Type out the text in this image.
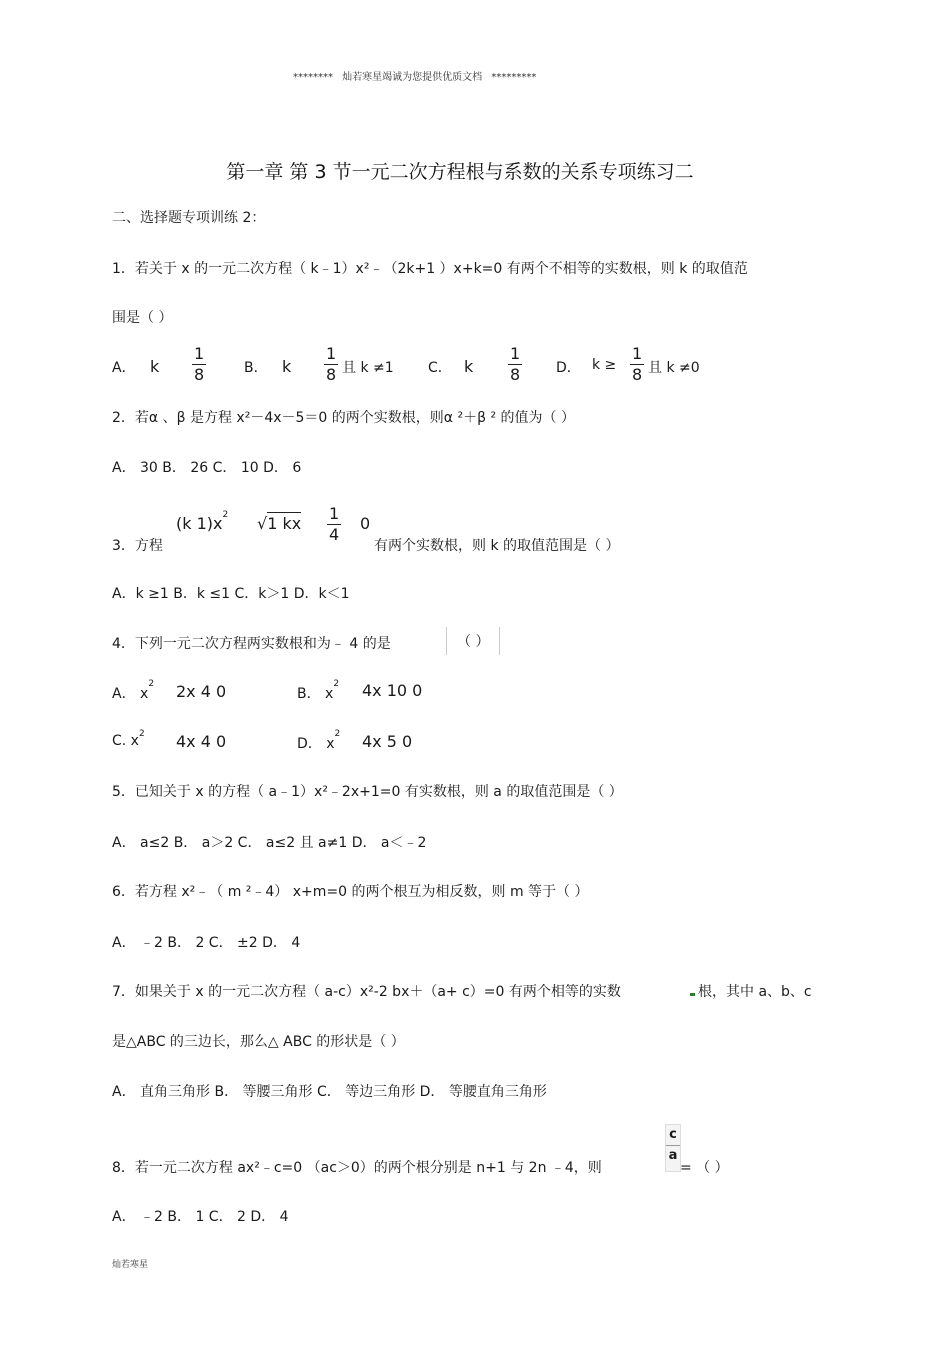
******** 灿若寒星竭诚为您提供优质文档 *********
第一章 第 3 节一元二次方程根与系数的关系专项练习二
二、选择题专项训练 2：
1．若关于 x 的一元二次方程（ k﹣1）x²﹣（2k+1 ）x+k=0 有两个不相等的实数根，则 k 的取值范
围是（ ）
A． k $\frac{1}{8}$	B． k $\frac{1}{8}$ 且 k ≠1 C． k $\frac{1}{8}$ D． $k \ge \frac{1}{8}$ 且 k ≠0
2．若α 、β 是方程 x²－4x－5＝0 的两个实数根，则α ²＋β ² 的值为（ ）
A． 30 B． 26 C． 10 D． 6
(k $1)x^2$ √1 kx $\frac{1}{4} 0$
3．方程	有两个实数根，则 k 的取值范围是（ ）
A．k ≥1 B．k ≤1 C．k＞1 D．k＜1
4．下列一元二次方程两实数根和为﹣ 4 的是	（ ）
A． $x^2$ 2x 4 0	B． $x^2$ 4x 10 0
C. $x^2$ 4x 4 0	D． $x^2$ 4x 5 0
5．已知关于 x 的方程（ a﹣1）x²﹣2x+1=0 有实数根，则 a 的取值范围是（ ）
A． a≤2 B． a＞2 C． a≤2 且 a≠1 D． a＜﹣2
6．若方程 x²﹣（ m ²﹣4） x+m=0 的两个根互为相反数，则 m 等于（ ）
A． ﹣2 B． 2 C． ±2 D． 4
7．如果关于 x 的一元二次方程（ a-c）x²-2 bx＋（a+ c）=0 有两个相等的实数	根，其中 a、b、c
是△ABC 的三边长，那么△ ABC 的形状是（ ）
A． 直角三角形 B． 等腰三角形 C． 等边三角形 D． 等腰直角三角形
8．若一元二次方程 ax²﹣c=0 （ac＞0）的两个根分别是 n+1 与 2n ﹣4，则	$\frac{c}{a}$ = （ ）
A． ﹣2 B． 1 C． 2 D． 4
灿若寒星
